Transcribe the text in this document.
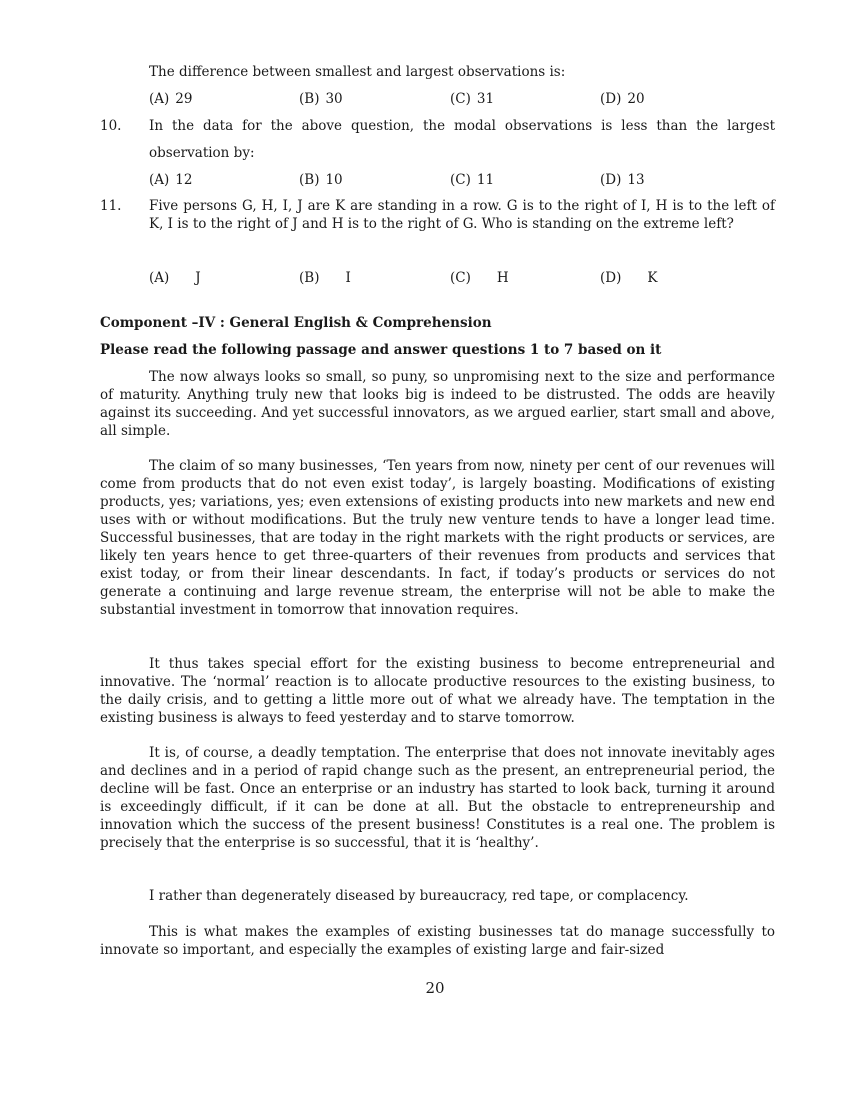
The difference between smallest and largest observations is:
(A) 29	(B) 30	(C) 31	(D) 20
10. In the data for the above question, the modal observations is less than the largest
observation by:
(A) 12	(B) 10	(C) 11	(D) 13
11. Five persons G, H, I, J are K are standing in a row. G is to the right of I, H is to the left of K, I is to the right of J and H is to the right of G. Who is standing on the extreme left?
(A) J	(B) I	(C) H	(D) K
Component –IV : General English & Comprehension
Please read the following passage and answer questions 1 to 7 based on it
The now always looks so small, so puny, so unpromising next to the size and performance of maturity. Anything truly new that looks big is indeed to be distrusted. The odds are heavily against its succeeding. And yet successful innovators, as we argued earlier, start small and above, all simple.
The claim of so many businesses, ‘Ten years from now, ninety per cent of our revenues will come from products that do not even exist today’, is largely boasting. Modifications of existing products, yes; variations, yes; even extensions of existing products into new markets and new end uses with or without modifications. But the truly new venture tends to have a longer lead time. Successful businesses, that are today in the right markets with the right products or services, are likely ten years hence to get three-quarters of their revenues from products and services that exist today, or from their linear descendants. In fact, if today’s products or services do not generate a continuing and large revenue stream, the enterprise will not be able to make the substantial investment in tomorrow that innovation requires.
It thus takes special effort for the existing business to become entrepreneurial and innovative. The ‘normal’ reaction is to allocate productive resources to the existing business, to the daily crisis, and to getting a little more out of what we already have. The temptation in the existing business is always to feed yesterday and to starve tomorrow.
It is, of course, a deadly temptation. The enterprise that does not innovate inevitably ages and declines and in a period of rapid change such as the present, an entrepreneurial period, the decline will be fast. Once an enterprise or an industry has started to look back, turning it around is exceedingly difficult, if it can be done at all. But the obstacle to entrepreneurship and innovation which the success of the present business! Constitutes is a real one. The problem is precisely that the enterprise is so successful, that it is ‘healthy’.
I rather than degenerately diseased by bureaucracy, red tape, or complacency.
This is what makes the examples of existing businesses tat do manage successfully to innovate so important, and especially the examples of existing large and fair-sized
20
